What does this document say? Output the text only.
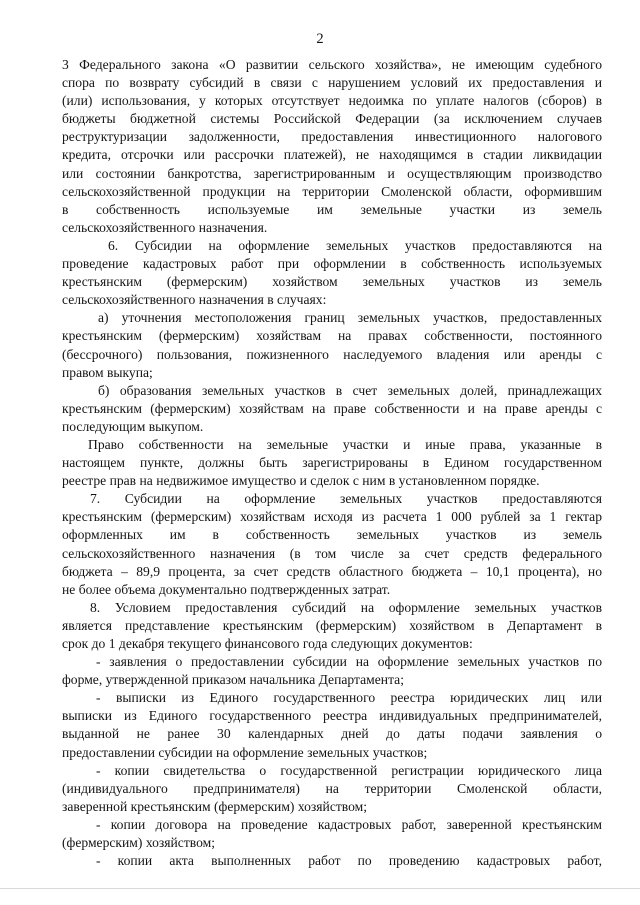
2
3 Федерального закона «О развитии сельского хозяйства», не имеющим судебного
спора по возврату субсидий в связи с нарушением условий их предоставления и
(или) использования, у которых отсутствует недоимка по уплате налогов (сборов) в
бюджеты бюджетной системы Российской Федерации (за исключением случаев
реструктуризации задолженности, предоставления инвестиционного налогового
кредита, отсрочки или рассрочки платежей), не находящимся в стадии ликвидации
или состоянии банкротства, зарегистрированным и осуществляющим производство
сельскохозяйственной продукции на территории Смоленской области, оформившим
в собственность используемые им земельные участки из земель
сельскохозяйственного назначения.
6. Субсидии на оформление земельных участков предоставляются на
проведение кадастровых работ при оформлении в собственность используемых
крестьянским (фермерским) хозяйством земельных участков из земель
сельскохозяйственного назначения в случаях:
а) уточнения местоположения границ земельных участков, предоставленных
крестьянским (фермерским) хозяйствам на правах собственности, постоянного
(бессрочного) пользования, пожизненного наследуемого владения или аренды с
правом выкупа;
б) образования земельных участков в счет земельных долей, принадлежащих
крестьянским (фермерским) хозяйствам на праве собственности и на праве аренды с
последующим выкупом.
Право собственности на земельные участки и иные права, указанные в
настоящем пункте, должны быть зарегистрированы в Едином государственном
реестре прав на недвижимое имущество и сделок с ним в установленном порядке.
7. Субсидии на оформление земельных участков предоставляются
крестьянским (фермерским) хозяйствам исходя из расчета 1 000 рублей за 1 гектар
оформленных им в собственность земельных участков из земель
сельскохозяйственного назначения (в том числе за счет средств федерального
бюджета – 89,9 процента, за счет средств областного бюджета – 10,1 процента), но
не более объема документально подтвержденных затрат.
8. Условием предоставления субсидий на оформление земельных участков
является представление крестьянским (фермерским) хозяйством в Департамент в
срок до 1 декабря текущего финансового года следующих документов:
- заявления о предоставлении субсидии на оформление земельных участков по
форме, утвержденной приказом начальника Департамента;
- выписки из Единого государственного реестра юридических лиц или
выписки из Единого государственного реестра индивидуальных предпринимателей,
выданной не ранее 30 календарных дней до даты подачи заявления о
предоставлении субсидии на оформление земельных участков;
- копии свидетельства о государственной регистрации юридического лица
(индивидуального предпринимателя) на территории Смоленской области,
заверенной крестьянским (фермерским) хозяйством;
- копии договора на проведение кадастровых работ, заверенной крестьянским
(фермерским) хозяйством;
- копии акта выполненных работ по проведению кадастровых работ,
